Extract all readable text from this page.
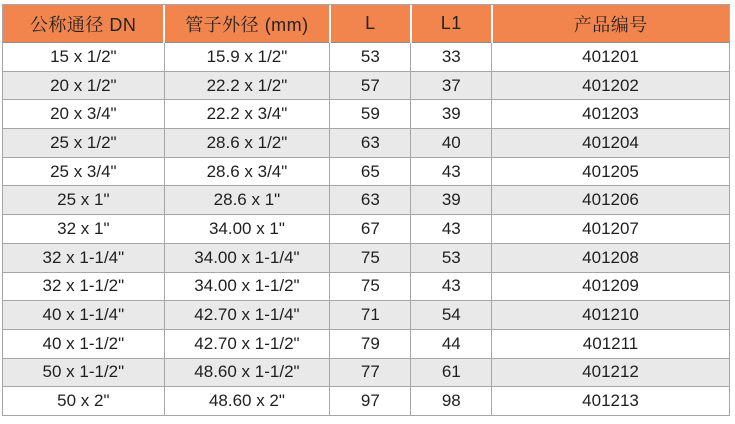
公称通径 DN	管子外径 (mm)	L	L1	产品编号
15 x 1/2"	15.9 x 1/2"	53	33	401201
20 x 1/2"	22.2 x 1/2"	57	37	401202
20 x 3/4"	22.2 x 3/4"	59	39	401203
25 x 1/2"	28.6 x 1/2"	63	40	401204
25 x 3/4"	28.6 x 3/4"	65	43	401205
25 x 1"	28.6 x 1"	63	39	401206
32 x 1"	34.00 x 1"	67	43	401207
32 x 1-1/4"	34.00 x 1-1/4"	75	53	401208
32 x 1-1/2"	34.00 x 1-1/2"	75	43	401209
40 x 1-1/4"	42.70 x 1-1/4"	71	54	401210
40 x 1-1/2"	42.70 x 1-1/2"	79	44	401211
50 x 1-1/2"	48.60 x 1-1/2"	77	61	401212
50 x 2"	48.60 x 2"	97	98	401213
